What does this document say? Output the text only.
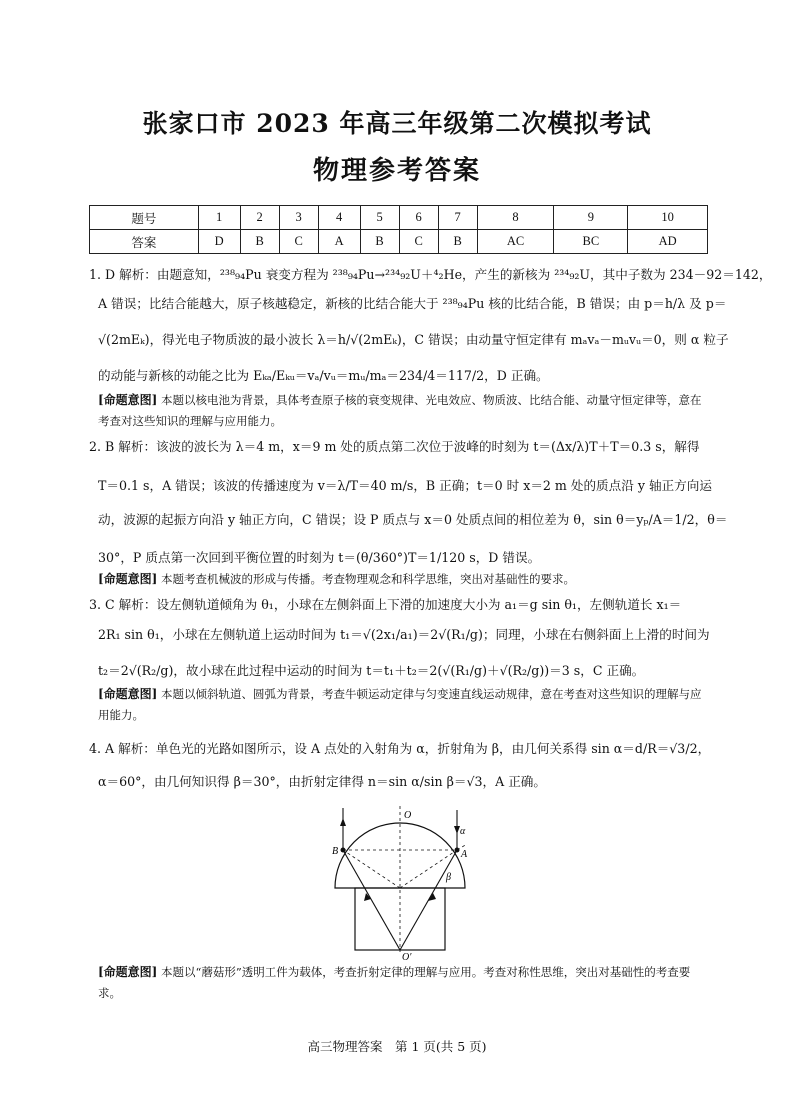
张家口市 2023 年高三年级第二次模拟考试
物理参考答案
题号	1	2	3	4	5	6	7	8	9	10
答案	D	B	C	A	B	C	B	AC	BC	AD
1. D 解析：由题意知，²³⁸₉₄Pu 衰变方程为 ²³⁸₉₄Pu→²³⁴₉₂U＋⁴₂He，产生的新核为 ²³⁴₉₂U，其中子数为 234－92＝142，
A 错误；比结合能越大，原子核越稳定，新核的比结合能大于 ²³⁸₉₄Pu 核的比结合能，B 错误；由 p＝h/λ 及 p＝
√(2mEₖ)，得光电子物质波的最小波长 λ＝h/√(2mEₖ)，C 错误；由动量守恒定律有 mₐvₐ－mᵤvᵤ＝0，则 α 粒子
的动能与新核的动能之比为 Eₖₐ/Eₖᵤ＝vₐ/vᵤ＝mᵤ/mₐ＝234/4＝117/2，D 正确。
[命题意图] 本题以核电池为背景，具体考查原子核的衰变规律、光电效应、物质波、比结合能、动量守恒定律等，意在考查对这些知识的理解与应用能力。
2. B 解析：该波的波长为 λ＝4 m，x＝9 m 处的质点第二次位于波峰的时刻为 t＝(Δx/λ)T＋T＝0.3 s，解得
T＝0.1 s，A 错误；该波的传播速度为 v＝λ/T＝40 m/s，B 正确；t＝0 时 x＝2 m 处的质点沿 y 轴正方向运
动，波源的起振方向沿 y 轴正方向，C 错误；设 P 质点与 x＝0 处质点间的相位差为 θ，sin θ＝yₚ/A＝1/2，θ＝
30°，P 质点第一次回到平衡位置的时刻为 t＝(θ/360°)T＝1/120 s，D 错误。
[命题意图] 本题考查机械波的形成与传播。考查物理观念和科学思维，突出对基础性的要求。
3. C 解析：设左侧轨道倾角为 θ₁，小球在左侧斜面上下滑的加速度大小为 a₁＝g sin θ₁，左侧轨道长 x₁＝
2R₁ sin θ₁，小球在左侧轨道上运动时间为 t₁＝√(2x₁/a₁)＝2√(R₁/g)；同理，小球在右侧斜面上上滑的时间为
t₂＝2√(R₂/g)，故小球在此过程中运动的时间为 t＝t₁＋t₂＝2(√(R₁/g)＋√(R₂/g))＝3 s，C 正确。
[命题意图] 本题以倾斜轨道、圆弧为背景，考查牛顿运动定律与匀变速直线运动规律，意在考查对这些知识的理解与应用能力。
4. A 解析：单色光的光路如图所示，设 A 点处的入射角为 α，折射角为 β，由几何关系得 sin α＝d/R＝√3/2，
α＝60°，由几何知识得 β＝30°，由折射定律得 n＝sin α/sin β＝√3，A 正确。
O
O′
A
B
α
β
[命题意图] 本题以“蘑菇形”透明工件为载体，考查折射定律的理解与应用。考查对称性思维，突出对基础性的考查要求。
高三物理答案　第 1 页(共 5 页)
